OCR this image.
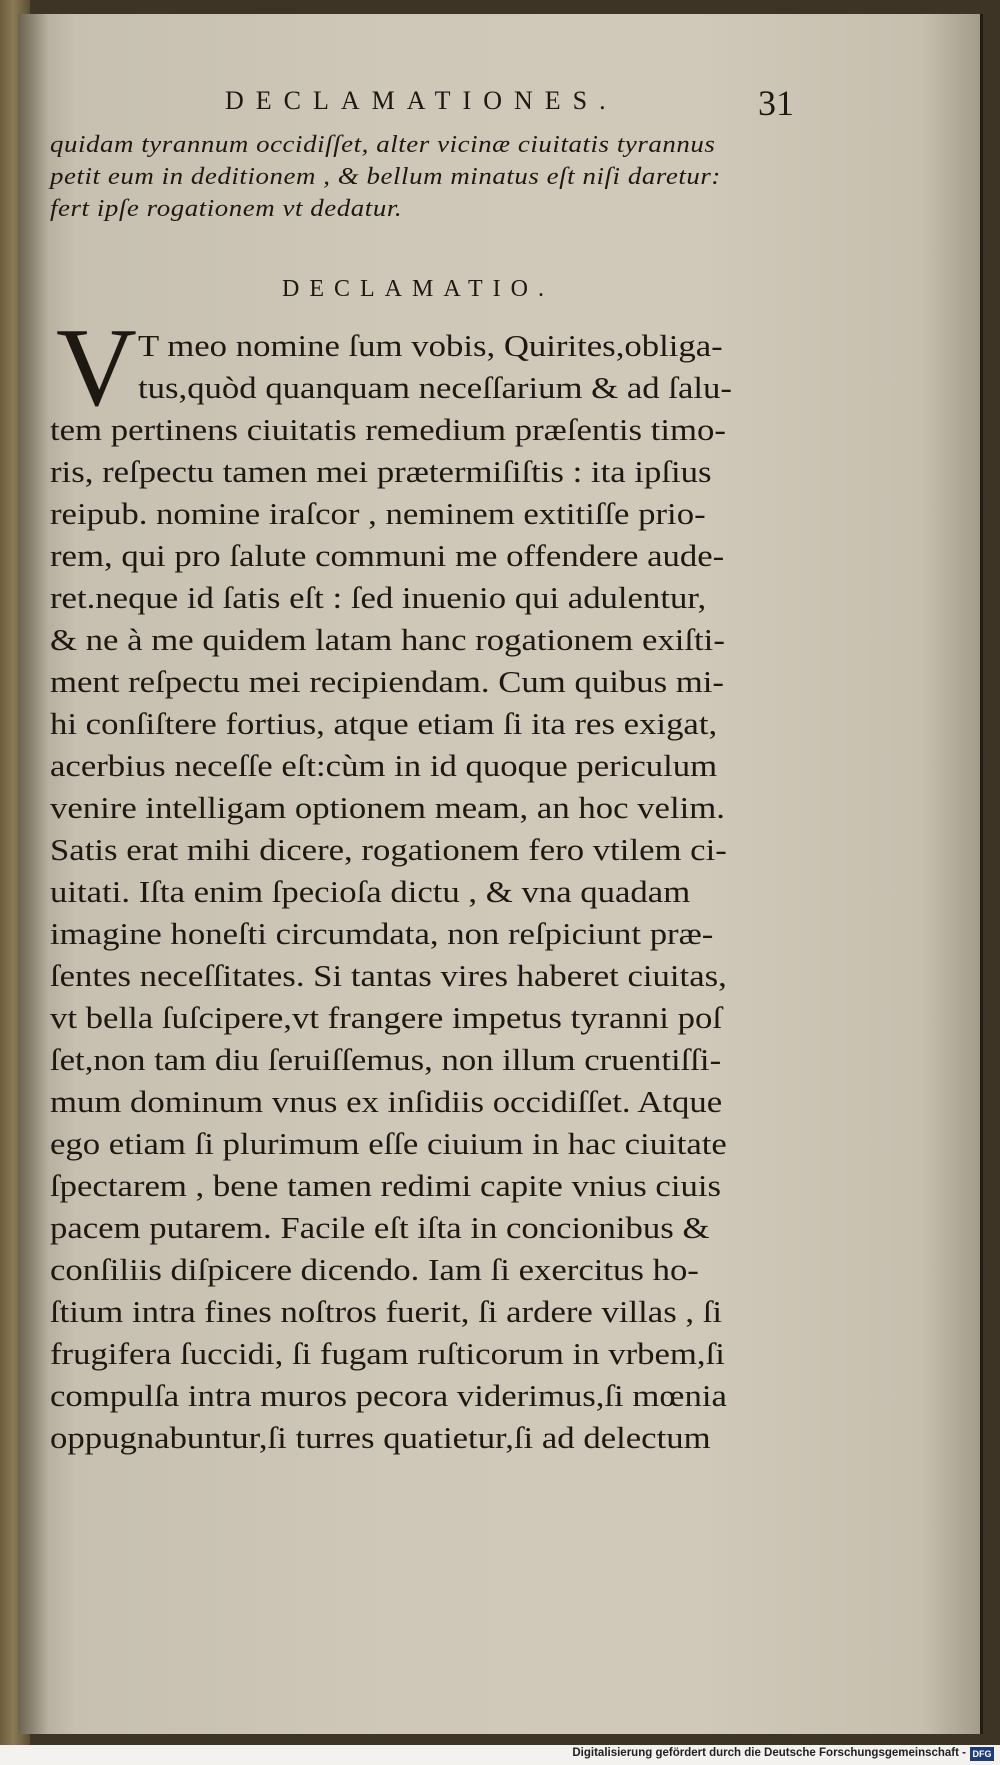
DECLAMATIONES.	31
quidam tyrannum occidiſſet, alter vicinæ ciuitatis tyrannus
petit eum in deditionem , & bellum minatus eſt niſi daretur:
fert ipſe rogationem vt dedatur.
DECLAMATIO.
V T meo nomine ſum vobis, Quirites,obliga-
tus,quòd quanquam neceſſarium & ad ſalu-
tem pertinens ciuitatis remedium præſentis timo-
ris, reſpectu tamen mei prætermiſiſtis : ita ipſius
reipub. nomine iraſcor , neminem extitiſſe prio-
rem, qui pro ſalute communi me offendere aude-
ret.neque id ſatis eſt : ſed inuenio qui adulentur,
& ne à me quidem latam hanc rogationem exiſti-
ment reſpectu mei recipiendam. Cum quibus mi-
hi conſiſtere fortius, atque etiam ſi ita res exigat,
acerbius neceſſe eſt:cùm in id quoque periculum
venire intelligam optionem meam, an hoc velim.
Satis erat mihi dicere, rogationem fero vtilem ci-
uitati. Iſta enim ſpecioſa dictu , & vna quadam
imagine honeſti circumdata, non reſpiciunt præ-
ſentes neceſſitates. Si tantas vires haberet ciuitas,
vt bella ſuſcipere,vt frangere impetus tyranni poſ
ſet,non tam diu ſeruiſſemus, non illum cruentiſſi-
mum dominum vnus ex inſidiis occidiſſet. Atque
ego etiam ſi plurimum eſſe ciuium in hac ciuitate
ſpectarem , bene tamen redimi capite vnius ciuis
pacem putarem. Facile eſt iſta in concionibus &
conſiliis diſpicere dicendo. Iam ſi exercitus ho-
ſtium intra fines noſtros fuerit, ſi ardere villas , ſi
frugifera ſuccidi, ſi fugam ruſticorum in vrbem,ſi
compulſa intra muros pecora viderimus,ſi mœnia
oppugnabuntur,ſi turres quatietur,ſi ad delectum
Digitalisierung gefördert durch die Deutsche Forschungsgemeinschaft - DFG
